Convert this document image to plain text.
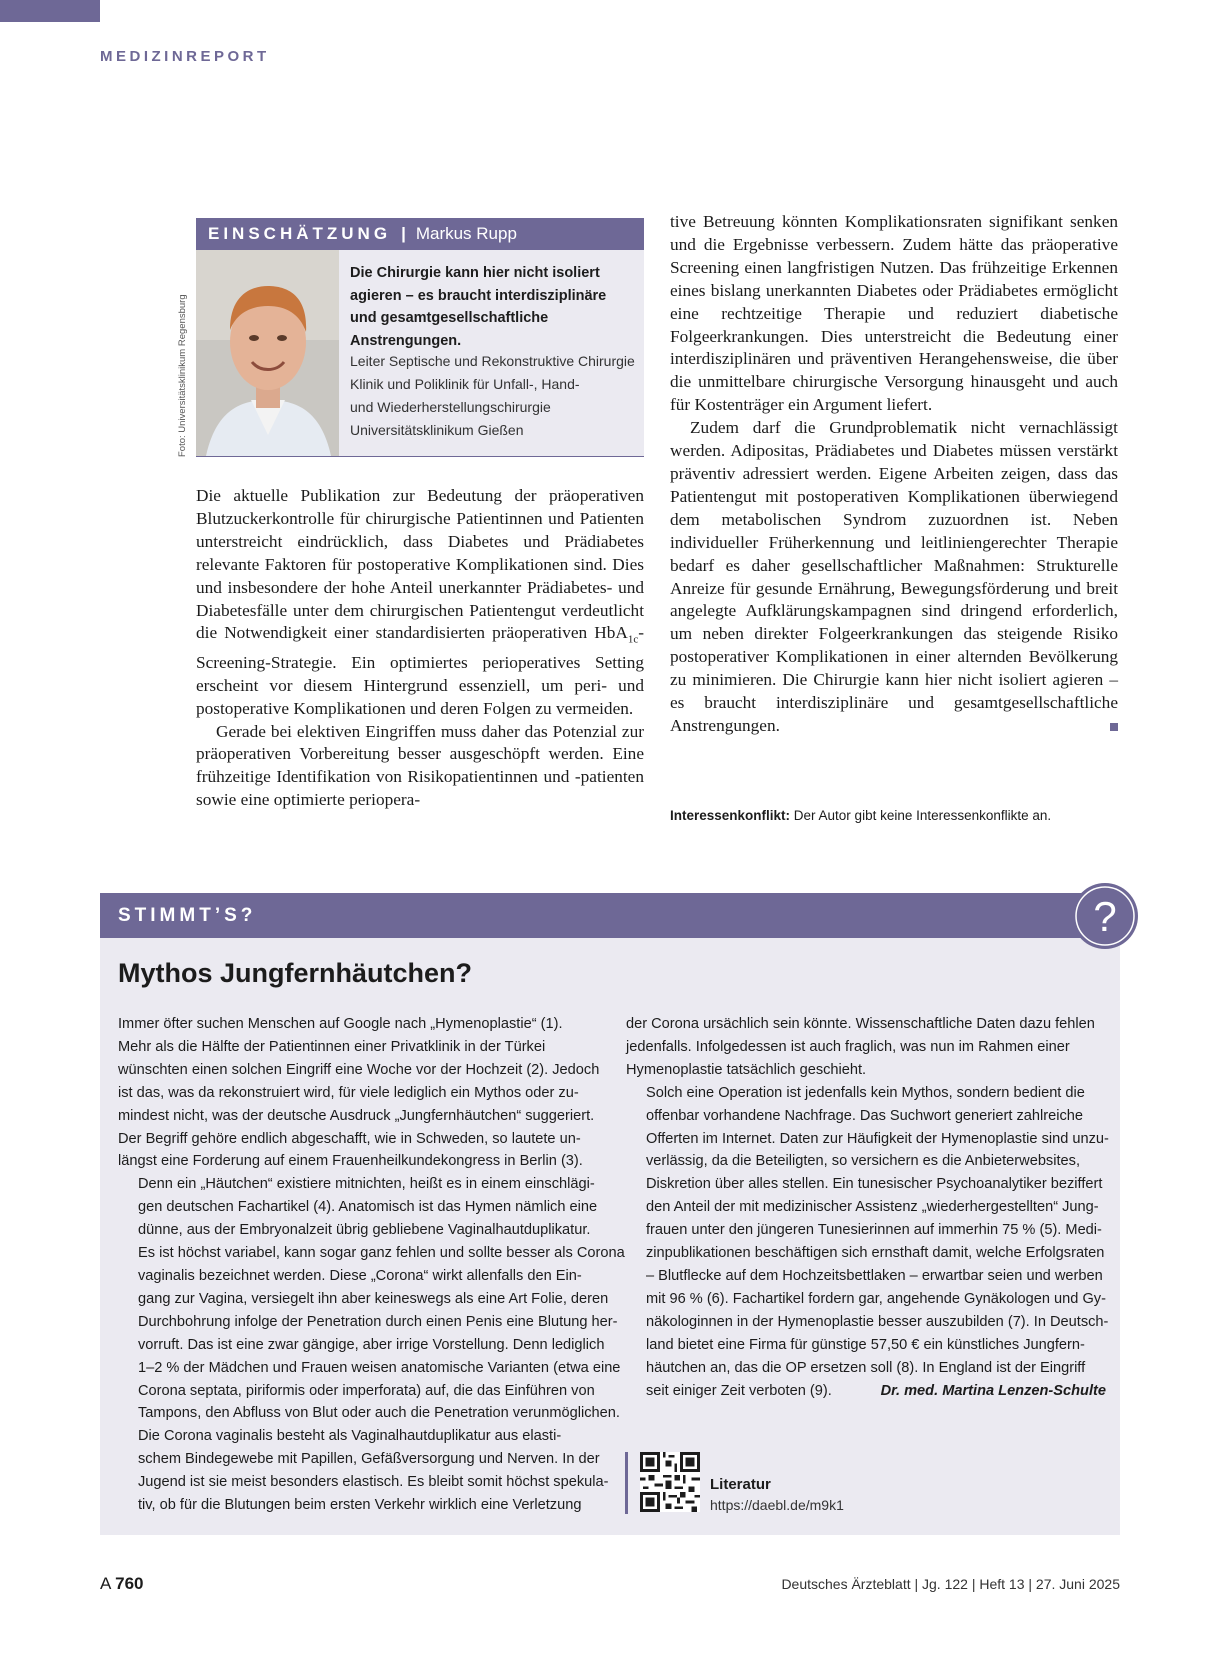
MEDIZINREPORT
EINSCHÄTZUNG | Markus Rupp
Die Chirurgie kann hier nicht isoliert agieren – es braucht interdisziplinäre und gesamtgesellschaftliche Anstrengungen.
Leiter Septische und Rekonstruktive Chirurgie
Klinik und Poliklinik für Unfall-, Hand-
und Wiederherstellungschirurgie
Universitätsklinikum Gießen
Foto: Universitätsklinikum Regensburg

Die aktuelle Publikation zur Bedeutung der präoperativen Blutzuckerkontrolle für chirurgische Patientinnen und Patienten unterstreicht eindrücklich, dass Diabetes und Prädiabetes relevante Faktoren für postoperative Komplikationen sind. Dies und insbesondere der hohe Anteil unerkannter Prädiabetes- und Diabetesfälle unter dem chirurgischen Patientengut verdeutlicht die Notwendigkeit einer standardisierten präoperativen HbA$_{1c}$-Screening-Strategie. Ein optimiertes perioperatives Setting erscheint vor diesem Hintergrund essenziell, um peri- und postoperative Komplikationen und deren Folgen zu vermeiden.

Gerade bei elektiven Eingriffen muss daher das Potenzial zur präoperativen Vorbereitung besser ausgeschöpft werden. Eine frühzeitige Identifikation von Risikopatientinnen und -patienten sowie eine optimierte periopera-

tive Betreuung könnten Komplikationsraten signifikant senken und die Ergebnisse verbessern. Zudem hätte das präoperative Screening einen langfristigen Nutzen. Das frühzeitige Erkennen eines bislang unerkannten Diabetes oder Prädiabetes ermöglicht eine rechtzeitige Therapie und reduziert diabetische Folgeerkrankungen. Dies unterstreicht die Bedeutung einer interdisziplinären und präventiven Herangehensweise, die über die unmittelbare chirurgische Versorgung hinausgeht und auch für Kostenträger ein Argument liefert.

Zudem darf die Grundproblematik nicht vernachlässigt werden. Adipositas, Prädiabetes und Diabetes müssen verstärkt präventiv adressiert werden. Eigene Arbeiten zeigen, dass das Patientengut mit postoperativen Komplikationen überwiegend dem metabolischen Syndrom zuzuordnen ist. Neben individueller Früherkennung und leitliniengerechter Therapie bedarf es daher gesellschaftlicher Maßnahmen: Strukturelle Anreize für gesunde Ernährung, Bewegungsförderung und breit angelegte Aufklärungskampagnen sind dringend erforderlich, um neben direkter Folgeerkrankungen das steigende Risiko postoperativer Komplikationen in einer alternden Bevölkerung zu minimieren. Die Chirurgie kann hier nicht isoliert agieren – es braucht interdisziplinäre und gesamtgesellschaftliche Anstrengungen.

Interessenkonflikt: Der Autor gibt keine Interessenkonflikte an.
STIMMT’S?	?
Mythos Jungfernhäutchen?

Immer öfter suchen Menschen auf Google nach „Hymenoplastie“ (1).
Mehr als die Hälfte der Patientinnen einer Privatklinik in der Türkei
wünschten einen solchen Eingriff eine Woche vor der Hochzeit (2). Jedoch
ist das, was da rekonstruiert wird, für viele lediglich ein Mythos oder zu-
mindest nicht, was der deutsche Ausdruck „Jungfernhäutchen“ suggeriert.
Der Begriff gehöre endlich abgeschafft, wie in Schweden, so lautete un-
längst eine Forderung auf einem Frauenheilkundekongress in Berlin (3).

Denn ein „Häutchen“ existiere mitnichten, heißt es in einem einschlägi-
gen deutschen Fachartikel (4). Anatomisch ist das Hymen nämlich eine
dünne, aus der Embryonalzeit übrig gebliebene Vaginalhautduplikatur.
Es ist höchst variabel, kann sogar ganz fehlen und sollte besser als Corona
vaginalis bezeichnet werden. Diese „Corona“ wirkt allenfalls den Ein-
gang zur Vagina, versiegelt ihn aber keineswegs als eine Art Folie, deren
Durchbohrung infolge der Penetration durch einen Penis eine Blutung her-
vorruft. Das ist eine zwar gängige, aber irrige Vorstellung. Denn lediglich
1–2 % der Mädchen und Frauen weisen anatomische Varianten (etwa eine
Corona septata, piriformis oder imperforata) auf, die das Einführen von
Tampons, den Abfluss von Blut oder auch die Penetration verunmöglichen.

Die Corona vaginalis besteht als Vaginalhautduplikatur aus elasti-
schem Bindegewebe mit Papillen, Gefäßversorgung und Nerven. In der
Jugend ist sie meist besonders elastisch. Es bleibt somit höchst spekula-
tiv, ob für die Blutungen beim ersten Verkehr wirklich eine Verletzung

der Corona ursächlich sein könnte. Wissenschaftliche Daten dazu fehlen
jedenfalls. Infolgedessen ist auch fraglich, was nun im Rahmen einer
Hymenoplastie tatsächlich geschieht.

Solch eine Operation ist jedenfalls kein Mythos, sondern bedient die
offenbar vorhandene Nachfrage. Das Suchwort generiert zahlreiche
Offerten im Internet. Daten zur Häufigkeit der Hymenoplastie sind unzu-
verlässig, da die Beteiligten, so versichern es die Anbieterwebsites,
Diskretion über alles stellen. Ein tunesischer Psychoanalytiker beziffert
den Anteil der mit medizinischer Assistenz „wiederhergestellten“ Jung-
frauen unter den jüngeren Tunesierinnen auf immerhin 75 % (5). Medi-
zinpublikationen beschäftigen sich ernsthaft damit, welche Erfolgsraten
– Blutflecke auf dem Hochzeitsbettlaken – erwartbar seien und werben
mit 96 % (6). Fachartikel fordern gar, angehende Gynäkologen und Gy-
näkologinnen in der Hymenoplastie besser auszubilden (7). In Deutsch-
land bietet eine Firma für günstige 57,50 € ein künstliches Jungfern-
häutchen an, das die OP ersetzen soll (8). In England ist der Eingriff
seit einiger Zeit verboten (9).	Dr. med. Martina Lenzen-Schulte

Literatur
https://daebl.de/m9k1
A 760	Deutsches Ärzteblatt | Jg. 122 | Heft 13 | 27. Juni 2025
